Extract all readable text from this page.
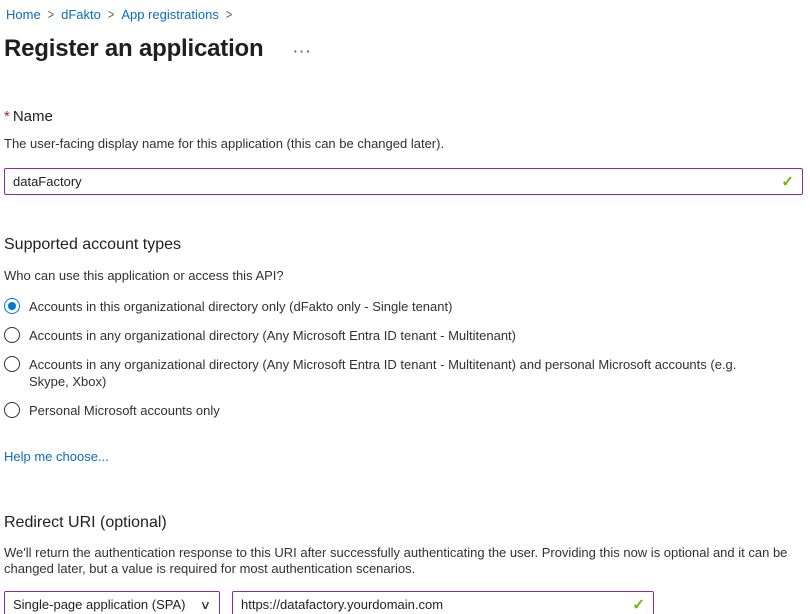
Home > dFakto > App registrations >
Register an application ···
* Name
The user-facing display name for this application (this can be changed later).
dataFactory
✓
Supported account types
Who can use this application or access this API?
Accounts in this organizational directory only (dFakto only - Single tenant)
Accounts in any organizational directory (Any Microsoft Entra ID tenant - Multitenant)
Accounts in any organizational directory (Any Microsoft Entra ID tenant - Multitenant) and personal Microsoft accounts (e.g. Skype, Xbox)
Personal Microsoft accounts only
Help me choose...
Redirect URI (optional)
We'll return the authentication response to this URI after successfully authenticating the user. Providing this now is optional and it can be changed later, but a value is required for most authentication scenarios.
Single-page application (SPA) ∨
https://datafactory.yourdomain.com	✓
